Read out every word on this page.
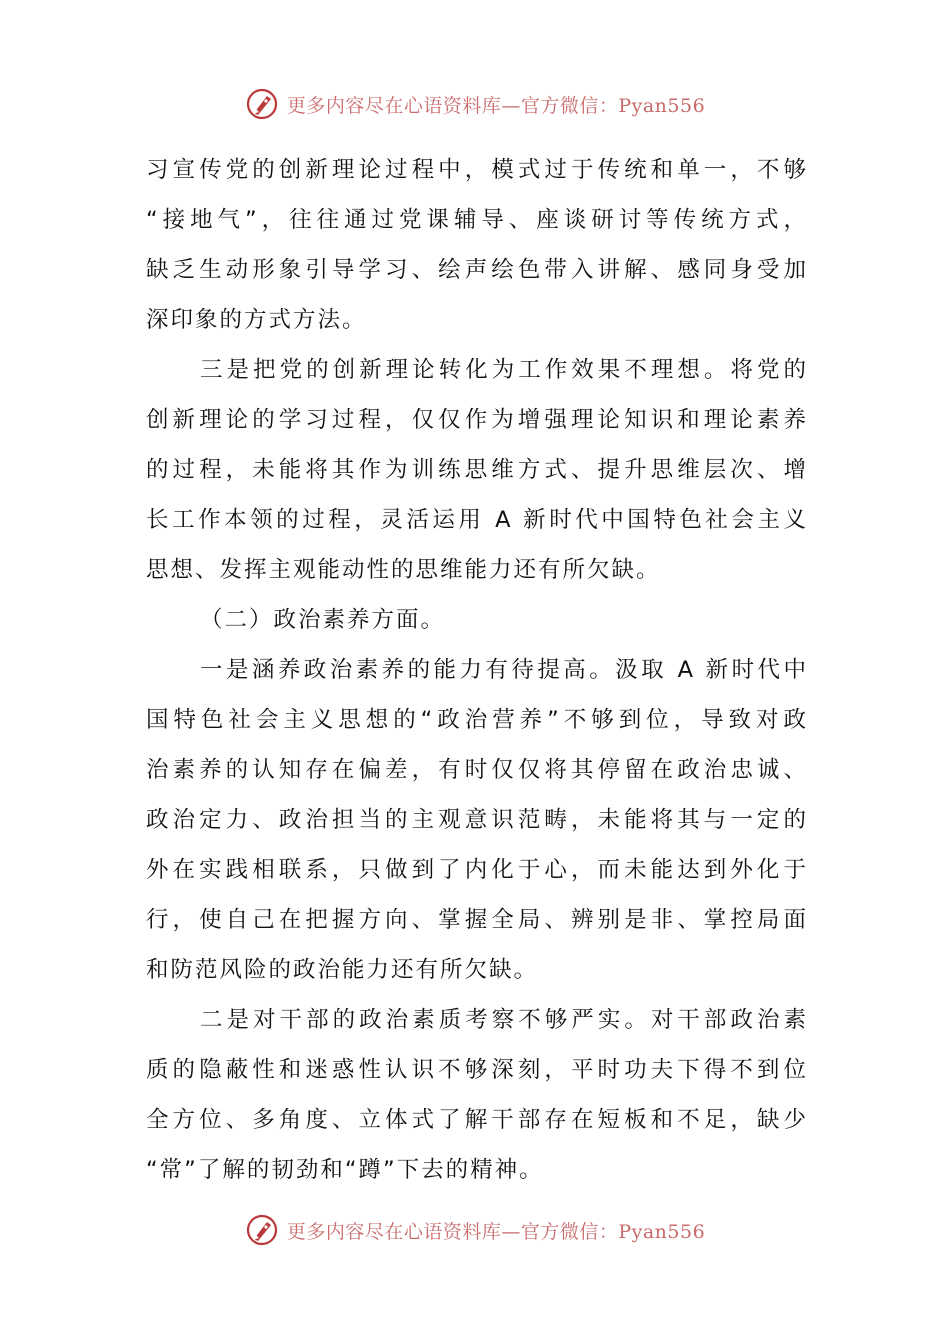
更多内容尽在心语资料库—官方微信：Pyan556
习宣传党的创新理论过程中，模式过于传统和单一，不够
“接地气”，往往通过党课辅导、座谈研讨等传统方式，
缺乏生动形象引导学习、绘声绘色带入讲解、感同身受加
深印象的方式方法。
三是把党的创新理论转化为工作效果不理想。将党的
创新理论的学习过程，仅仅作为增强理论知识和理论素养
的过程，未能将其作为训练思维方式、提升思维层次、增
长工作本领的过程，灵活运用 A 新时代中国特色社会主义
思想、发挥主观能动性的思维能力还有所欠缺。
（二）政治素养方面。
一是涵养政治素养的能力有待提高。汲取 A 新时代中
国特色社会主义思想的“政治营养”不够到位，导致对政
治素养的认知存在偏差，有时仅仅将其停留在政治忠诚、
政治定力、政治担当的主观意识范畴，未能将其与一定的
外在实践相联系，只做到了内化于心，而未能达到外化于
行，使自己在把握方向、掌握全局、辨别是非、掌控局面
和防范风险的政治能力还有所欠缺。
二是对干部的政治素质考察不够严实。对干部政治素
质的隐蔽性和迷惑性认识不够深刻，平时功夫下得不到位
全方位、多角度、立体式了解干部存在短板和不足，缺少
“常”了解的韧劲和“蹲”下去的精神。
更多内容尽在心语资料库—官方微信：Pyan556
